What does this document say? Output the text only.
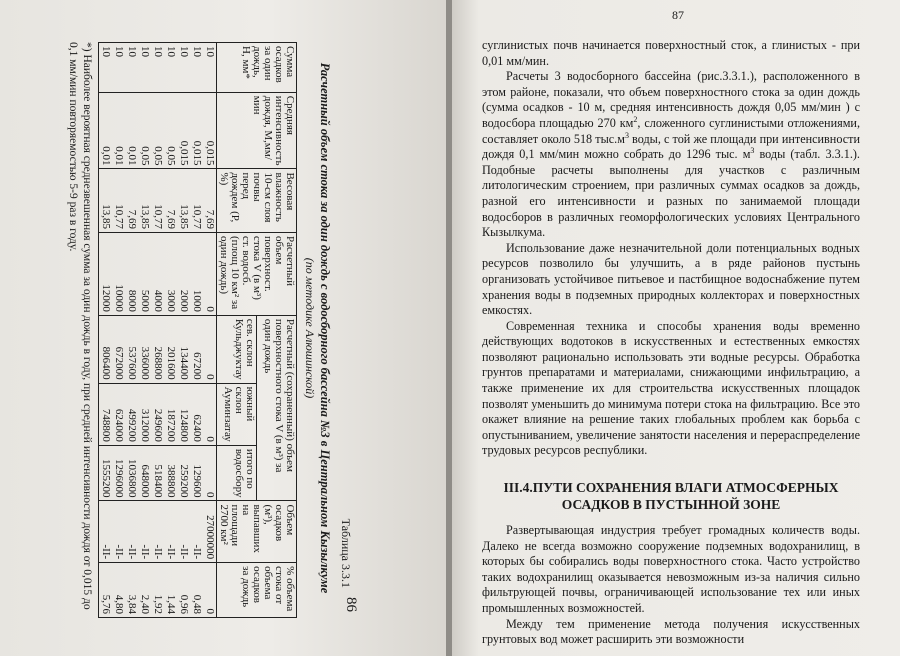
86
Таблица 3.3.1
Расчетный объем стока за один дождь с водосборного бассейна №3 в Центральном Кызылкуме
(по методике Алюшинской)
Сумма осадков за один дождь, Н, мм*	Средняя интенсивность дождя, М,мм/мин	Весовая влажность 10-см слоя почвы перед дождем (Р, %)	Расчетный объем поверхност. стока V (в м³) ст. водосб. (площ 10 км² за один дождь)	Расчетный (сохраненный) объем поверхностного стока V (в м³) за один дождь			Объем осадков (м³), выпавших на площади 2700 км²	% объема стока от объема осадков за дождь
				сев. склон Кульджуктау	южный склон Ауминзатау	итого по водосбору		
10	0,015	7,69	0	0	0	0	27000000	0
10	0,015	10,77	1000	67200	62400	129600	-II-	0,48
10	0,015	13,85	2000	134400	124800	259200	-II-	0,96
10	0,05	7,69	3000	201600	187200	388800	-II-	1,44
10	0,05	10,77	4000	268800	249600	518400	-II-	1,92
10	0,05	13,85	5000	336000	312000	648000	-II-	2,40
10	0,01	7,69	8000	537600	499200	1036800	-II-	3,84
10	0,01	10,77	10000	672000	624000	1296000	-II-	4,80
10	0,01	13,85	12000	806400	748800	1555200	-II-	5,76
*) Наиболее вероятная среднезвешенная сумма за один дождь в году, при средней интенсивности дождя от 0,015 до 0,1 мм/мин повторяемостью 5-9 раз в году.
87

суглинистых почв начинается поверхностный сток, а глинистых - при 0,01 мм/мин.

Расчеты 3 водосборного бассейна (рис.3.3.1.), расположенного в этом районе, показали, что объем поверхностного стока за один дождь (сумма осадков - 10 м, средняя интенсивность дождя 0,05 мм/мин ) с водосбора площадью 270 $км^2$, сложенного суглинистыми отложениями, составляет около 518 $тыс.м^3$ воды, с той же площади при интенсивности дождя 0,1 мм/мин можно собрать до 1296 тыс. $м^3$ воды (табл. 3.3.1.). Подобные расчеты выполнены для участков с различным литологическим строением, при различных суммах осадков за дождь, разной его интенсивности и разных по занимаемой площади водосборов в различных геоморфологических условиях Центрального Кызылкума.

Использование даже незначительной доли потенциальных водных ресурсов позволило бы улучшить, а в ряде районов пустынь организовать устойчивое питьевое и пастбищное водоснабжение путем хранения воды в подземных природных коллекторах и поверхностных емкостях.

Современная техника и способы хранения воды временно действующих водотоков в искусственных и естественных емкостях позволяют рационально использовать эти водные ресурсы. Обработка грунтов препаратами и материалами, снижающими инфильтрацию, а также применение их для строительства искусственных площадок позволят уменьшить до минимума потери стока на фильтрацию. Все это окажет влияние на решение таких глобальных проблем как борьба с опустыниванием, увеличение занятости населения и перераспределение трудовых ресурсов республики.

III.4.ПУТИ СОХРАНЕНИЯ ВЛАГИ АТМОСФЕРНЫХ ОСАДКОВ В ПУСТЫННОЙ ЗОНЕ

Развертывающая индустрия требует громадных количеств воды. Далеко не всегда возможно сооружение подземных водохранилищ, в которых бы собирались воды поверхностного стока. Часто устройство таких водохранилищ оказывается невозможным из-за наличия сильно фильтрующей почвы, ограничивающей использование тех или иных промышленных возможностей.

Между тем применение метода получения искусственных грунтовых вод может расширить эти возможности
